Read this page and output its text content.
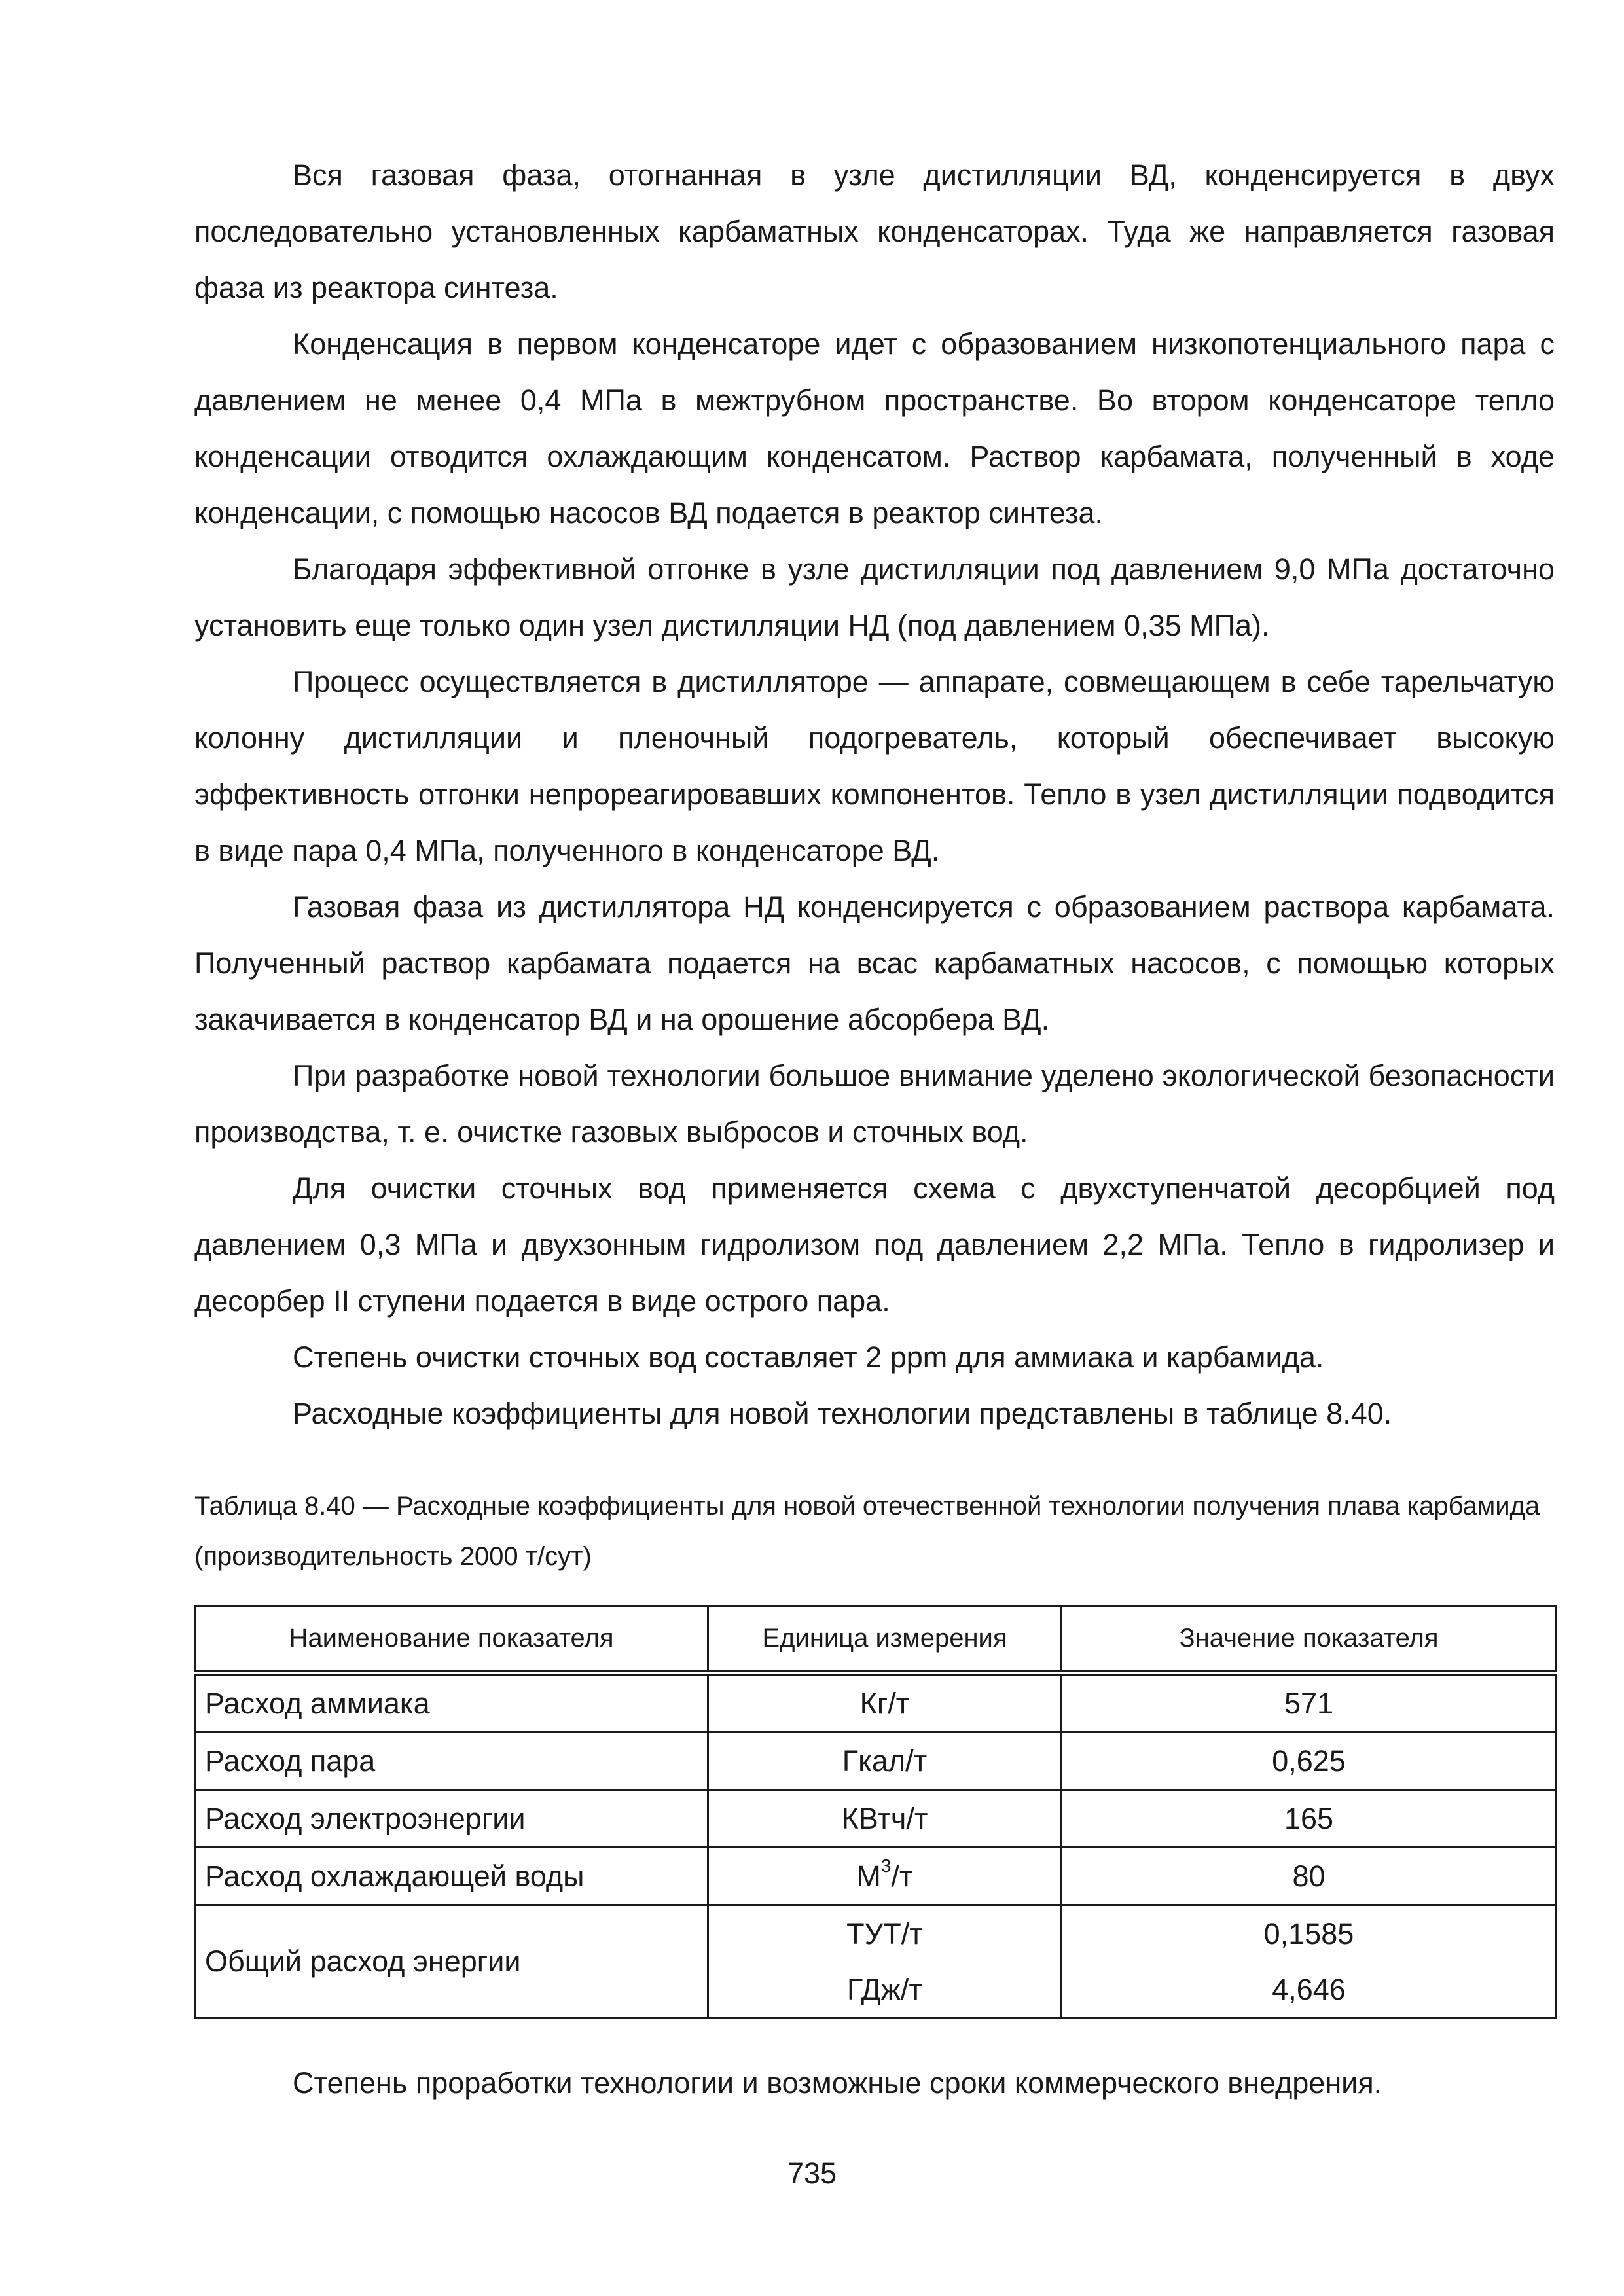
Вся газовая фаза, отогнанная в узле дистилляции ВД, конденсируется в двух последовательно установленных карбаматных конденсаторах. Туда же направляется газовая фаза из реактора синтеза.

Конденсация в первом конденсаторе идет с образованием низкопотенциального пара с давлением не менее 0,4 МПа в межтрубном пространстве. Во втором конденсаторе тепло конденсации отводится охлаждающим конденсатом. Раствор карбамата, полученный в ходе конденсации, с помощью насосов ВД подается в реактор синтеза.

Благодаря эффективной отгонке в узле дистилляции под давлением 9,0 МПа достаточно установить еще только один узел дистилляции НД (под давлением 0,35 МПа).

Процесс осуществляется в дистилляторе — аппарате, совмещающем в себе тарельчатую колонну дистилляции и пленочный подогреватель, который обеспечивает высокую эффективность отгонки непрореагировавших компонентов. Тепло в узел дистилляции подводится в виде пара 0,4 МПа, полученного в конденсаторе ВД.

Газовая фаза из дистиллятора НД конденсируется с образованием раствора карбамата. Полученный раствор карбамата подается на всас карбаматных насосов, с помощью которых закачивается в конденсатор ВД и на орошение абсорбера ВД.

При разработке новой технологии большое внимание уделено экологической безопасности производства, т. е. очистке газовых выбросов и сточных вод.

Для очистки сточных вод применяется схема с двухступенчатой десорбцией под давлением 0,3 МПа и двухзонным гидролизом под давлением 2,2 МПа. Тепло в гидролизер и десорбер II ступени подается в виде острого пара.

Степень очистки сточных вод составляет 2 ppm для аммиака и карбамида.

Расходные коэффициенты для новой технологии представлены в таблице 8.40.

Таблица 8.40 — Расходные коэффициенты для новой отечественной технологии получения плава карбамида (производительность 2000 т/сут)

Наименование показателя	Единица измерения	Значение показателя
Расход аммиака	Кг/т	571
Расход пара	Гкал/т	0,625
Расход электроэнергии	КВтч/т	165
Расход охлаждающей воды	$М^3/т$	80
Общий расход энергии	ТУТ/т	0,1585
	ГДж/т	4,646

Степень проработки технологии и возможные сроки коммерческого внедрения.

735
